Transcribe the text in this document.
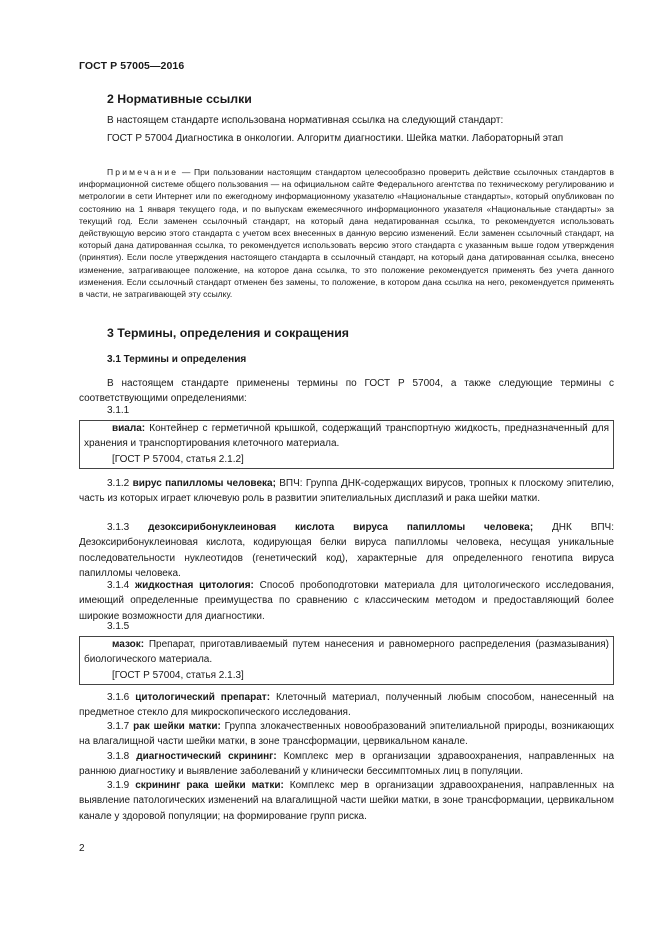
ГОСТ Р 57005—2016
2 Нормативные ссылки

В настоящем стандарте использована нормативная ссылка на следующий стандарт:

ГОСТ Р 57004 Диагностика в онкологии. Алгоритм диагностики. Шейка матки. Лабораторный этап

Примечание — При пользовании настоящим стандартом целесообразно проверить действие ссылочных стандартов в информационной системе общего пользования — на официальном сайте Федерального агентства по техническому регулированию и метрологии в сети Интернет или по ежегодному информационному указателю «Национальные стандарты», который опубликован по состоянию на 1 января текущего года, и по выпускам ежемесячного информационного указателя «Национальные стандарты» за текущий год. Если заменен ссылочный стандарт, на который дана недатированная ссылка, то рекомендуется использовать действующую версию этого стандарта с учетом всех внесенных в данную версию изменений. Если заменен ссылочный стандарт, на который дана датированная ссылка, то рекомендуется использовать версию этого стандарта с указанным выше годом утверждения (принятия). Если после утверждения настоящего стандарта в ссылочный стандарт, на который дана датированная ссылка, внесено изменение, затрагивающее положение, на которое дана ссылка, то это положение рекомендуется применять без учета данного изменения. Если ссылочный стандарт отменен без замены, то положение, в котором дана ссылка на него, рекомендуется применять в части, не затрагивающей эту ссылку.

3 Термины, определения и сокращения
3.1 Термины и определения

В настоящем стандарте применены термины по ГОСТ Р 57004, а также следующие термины с соответствующими определениями:

3.1.1

виала: Контейнер с герметичной крышкой, содержащий транспортную жидкость, предназначенный для хранения и транспортирования клеточного материала.

[ГОСТ Р 57004, статья 2.1.2]

3.1.2 вирус папилломы человека; ВПЧ: Группа ДНК-содержащих вирусов, тропных к плоскому эпителию, часть из которых играет ключевую роль в развитии эпителиальных дисплазий и рака шейки матки.

3.1.3 дезоксирибонуклеиновая кислота вируса папилломы человека; ДНК ВПЧ: Дезоксирибонуклеиновая кислота, кодирующая белки вируса папилломы человека, несущая уникальные последовательности нуклеотидов (генетический код), характерные для определенного генотипа вируса папилломы человека.

3.1.4 жидкостная цитология: Способ пробоподготовки материала для цитологического исследования, имеющий определенные преимущества по сравнению с классическим методом и предоставляющий более широкие возможности для диагностики.

3.1.5

мазок: Препарат, приготавливаемый путем нанесения и равномерного распределения (размазывания) биологического материала.

[ГОСТ Р 57004, статья 2.1.3]

3.1.6 цитологический препарат: Клеточный материал, полученный любым способом, нанесенный на предметное стекло для микроскопического исследования.

3.1.7 рак шейки матки: Группа злокачественных новообразований эпителиальной природы, возникающих на влагалищной части шейки матки, в зоне трансформации, цервикальном канале.

3.1.8 диагностический скрининг: Комплекс мер в организации здравоохранения, направленных на раннюю диагностику и выявление заболеваний у клинически бессимптомных лиц в популяции.

3.1.9 скрининг рака шейки матки: Комплекс мер в организации здравоохранения, направленных на выявление патологических изменений на влагалищной части шейки матки, в зоне трансформации, цервикальном канале у здоровой популяции; на формирование групп риска.

2
